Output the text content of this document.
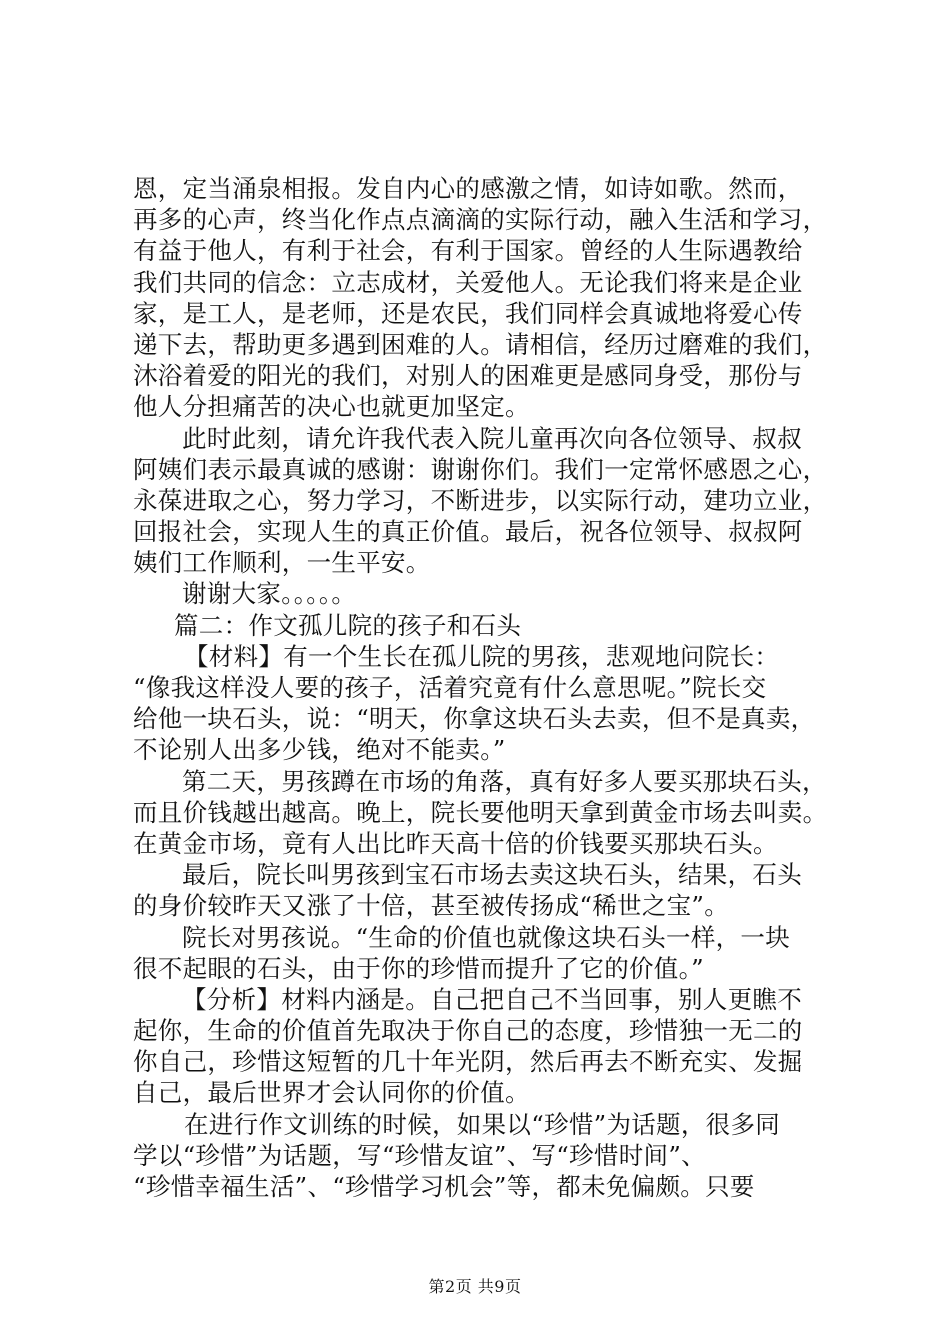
恩，定当涌泉相报。发自内心的感激之情，如诗如歌。然而，
再多的心声，终当化作点点滴滴的实际行动，融入生活和学习，
有益于他人，有利于社会，有利于国家。曾经的人生际遇教给
我们共同的信念：立志成材，关爱他人。无论我们将来是企业
家，是工人，是老师，还是农民，我们同样会真诚地将爱心传
递下去，帮助更多遇到困难的人。请相信，经历过磨难的我们，
沐浴着爱的阳光的我们，对别人的困难更是感同身受，那份与
他人分担痛苦的决心也就更加坚定。
此时此刻，请允许我代表入院儿童再次向各位领导、叔叔
阿姨们表示最真诚的感谢：谢谢你们。我们一定常怀感恩之心，
永葆进取之心，努力学习，不断进步，以实际行动，建功立业，
回报社会，实现人生的真正价值。最后，祝各位领导、叔叔阿
姨们工作顺利，一生平安。
谢谢大家。。。。。
篇二：作文孤儿院的孩子和石头
【材料】有一个生长在孤儿院的男孩，悲观地问院长：
“像我这样没人要的孩子，活着究竟有什么意思呢。”院长交
给他一块石头，说：“明天，你拿这块石头去卖，但不是真卖，
不论别人出多少钱，绝对不能卖。”
第二天，男孩蹲在市场的角落，真有好多人要买那块石头，
而且价钱越出越高。晚上，院长要他明天拿到黄金市场去叫卖。
在黄金市场，竟有人出比昨天高十倍的价钱要买那块石头。
最后，院长叫男孩到宝石市场去卖这块石头，结果，石头
的身价较昨天又涨了十倍，甚至被传扬成“稀世之宝”。
院长对男孩说。“生命的价值也就像这块石头一样，一块
很不起眼的石头，由于你的珍惜而提升了它的价值。”
【分析】材料内涵是。自己把自己不当回事，别人更瞧不
起你，生命的价值首先取决于你自己的态度，珍惜独一无二的
你自己，珍惜这短暂的几十年光阴，然后再去不断充实、发掘
自己，最后世界才会认同你的价值。
在进行作文训练的时候，如果以“珍惜”为话题，很多同
学以“珍惜”为话题，写“珍惜友谊”、写“珍惜时间”、
“珍惜幸福生活”、“珍惜学习机会”等，都未免偏颇。只要
第2页 共9页
